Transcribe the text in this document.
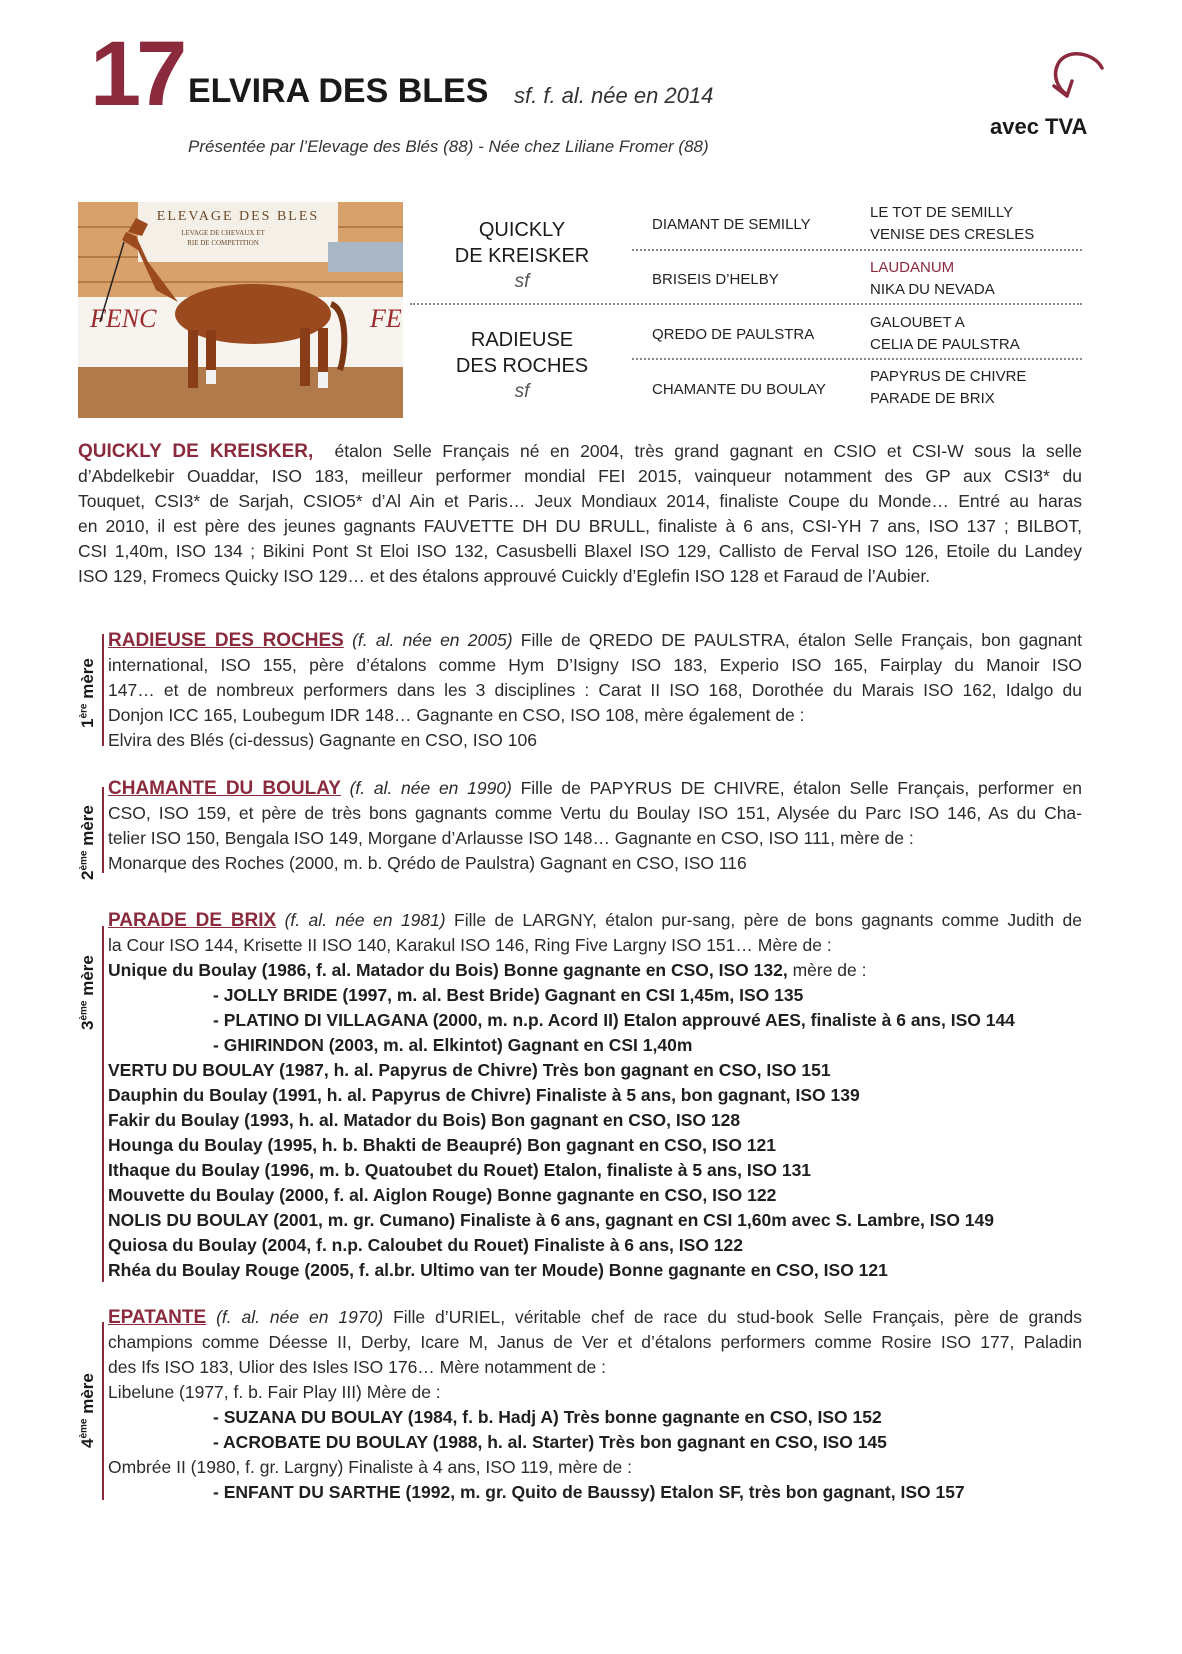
17 ELVIRA DES BLES sf. f. al. née en 2014
Présentée par l’Elevage des Blés (88) - Née chez Liliane Fromer (88)
avec TVA
ELEVAGE DES BLES
LEVAGE DE CHEVAUX ET
RIE DE COMPETITION
FENC	FE
QUICKLY
DE KREISKER
sf
RADIEUSE
DES ROCHES
sf
DIAMANT DE SEMILLY
BRISEIS D’HELBY
QREDO DE PAULSTRA
CHAMANTE DU BOULAY
LE TOT DE SEMILLY
VENISE DES CRESLES
LAUDANUM
NIKA DU NEVADA
GALOUBET A
CELIA DE PAULSTRA
PAPYRUS DE CHIVRE
PARADE DE BRIX
QUICKLY DE KREISKER, étalon Selle Français né en 2004, très grand gagnant en CSIO et CSI-W sous la selle
d’Abdelkebir Ouaddar, ISO 183, meilleur performer mondial FEI 2015, vainqueur notamment des GP aux CSI3* du
Touquet, CSI3* de Sarjah, CSIO5* d’Al Ain et Paris… Jeux Mondiaux 2014, finaliste Coupe du Monde… Entré au haras
en 2010, il est père des jeunes gagnants FAUVETTE DH DU BRULL, finaliste à 6 ans, CSI-YH 7 ans, ISO 137 ; BILBOT,
CSI 1,40m, ISO 134 ; Bikini Pont St Eloi ISO 132, Casusbelli Blaxel ISO 129, Callisto de Ferval ISO 126, Etoile du Landey
ISO 129, Fromecs Quicky ISO 129… et des étalons approuvé Cuickly d’Eglefin ISO 128 et Faraud de l’Aubier.
1ère mère
RADIEUSE DES ROCHES (f. al. née en 2005) Fille de QREDO DE PAULSTRA, étalon Selle Français, bon gagnant
international, ISO 155, père d’étalons comme Hym D’Isigny ISO 183, Experio ISO 165, Fairplay du Manoir ISO
147… et de nombreux performers dans les 3 disciplines : Carat II ISO 168, Dorothée du Marais ISO 162, Idalgo du
Donjon ICC 165, Loubegum IDR 148… Gagnante en CSO, ISO 108, mère également de :
Elvira des Blés (ci-dessus) Gagnante en CSO, ISO 106
2ème mère
CHAMANTE DU BOULAY (f. al. née en 1990) Fille de PAPYRUS DE CHIVRE, étalon Selle Français, performer en
CSO, ISO 159, et père de très bons gagnants comme Vertu du Boulay ISO 151, Alysée du Parc ISO 146, As du Cha-
telier ISO 150, Bengala ISO 149, Morgane d’Arlausse ISO 148… Gagnante en CSO, ISO 111, mère de :
Monarque des Roches (2000, m. b. Qrédo de Paulstra) Gagnant en CSO, ISO 116
3ème mère
PARADE DE BRIX (f. al. née en 1981) Fille de LARGNY, étalon pur-sang, père de bons gagnants comme Judith de
la Cour ISO 144, Krisette II ISO 140, Karakul ISO 146, Ring Five Largny ISO 151… Mère de :
Unique du Boulay (1986, f. al. Matador du Bois) Bonne gagnante en CSO, ISO 132, mère de :
- JOLLY BRIDE (1997, m. al. Best Bride) Gagnant en CSI 1,45m, ISO 135
- PLATINO DI VILLAGANA (2000, m. n.p. Acord II) Etalon approuvé AES, finaliste à 6 ans, ISO 144
- GHIRINDON (2003, m. al. Elkintot) Gagnant en CSI 1,40m
VERTU DU BOULAY (1987, h. al. Papyrus de Chivre) Très bon gagnant en CSO, ISO 151
Dauphin du Boulay (1991, h. al. Papyrus de Chivre) Finaliste à 5 ans, bon gagnant, ISO 139
Fakir du Boulay (1993, h. al. Matador du Bois) Bon gagnant en CSO, ISO 128
Hounga du Boulay (1995, h. b. Bhakti de Beaupré) Bon gagnant en CSO, ISO 121
Ithaque du Boulay (1996, m. b. Quatoubet du Rouet) Etalon, finaliste à 5 ans, ISO 131
Mouvette du Boulay (2000, f. al. Aiglon Rouge) Bonne gagnante en CSO, ISO 122
NOLIS DU BOULAY (2001, m. gr. Cumano) Finaliste à 6 ans, gagnant en CSI 1,60m avec S. Lambre, ISO 149
Quiosa du Boulay (2004, f. n.p. Caloubet du Rouet) Finaliste à 6 ans, ISO 122
Rhéa du Boulay Rouge (2005, f. al.br. Ultimo van ter Moude) Bonne gagnante en CSO, ISO 121
4ème mère
EPATANTE (f. al. née en 1970) Fille d’URIEL, véritable chef de race du stud-book Selle Français, père de grands
champions comme Déesse II, Derby, Icare M, Janus de Ver et d’étalons performers comme Rosire ISO 177, Paladin
des Ifs ISO 183, Ulior des Isles ISO 176… Mère notamment de :
Libelune (1977, f. b. Fair Play III) Mère de :
- SUZANA DU BOULAY (1984, f. b. Hadj A) Très bonne gagnante en CSO, ISO 152
- ACROBATE DU BOULAY (1988, h. al. Starter) Très bon gagnant en CSO, ISO 145
Ombrée II (1980, f. gr. Largny) Finaliste à 4 ans, ISO 119, mère de :
- ENFANT DU SARTHE (1992, m. gr. Quito de Baussy) Etalon SF, très bon gagnant, ISO 157
